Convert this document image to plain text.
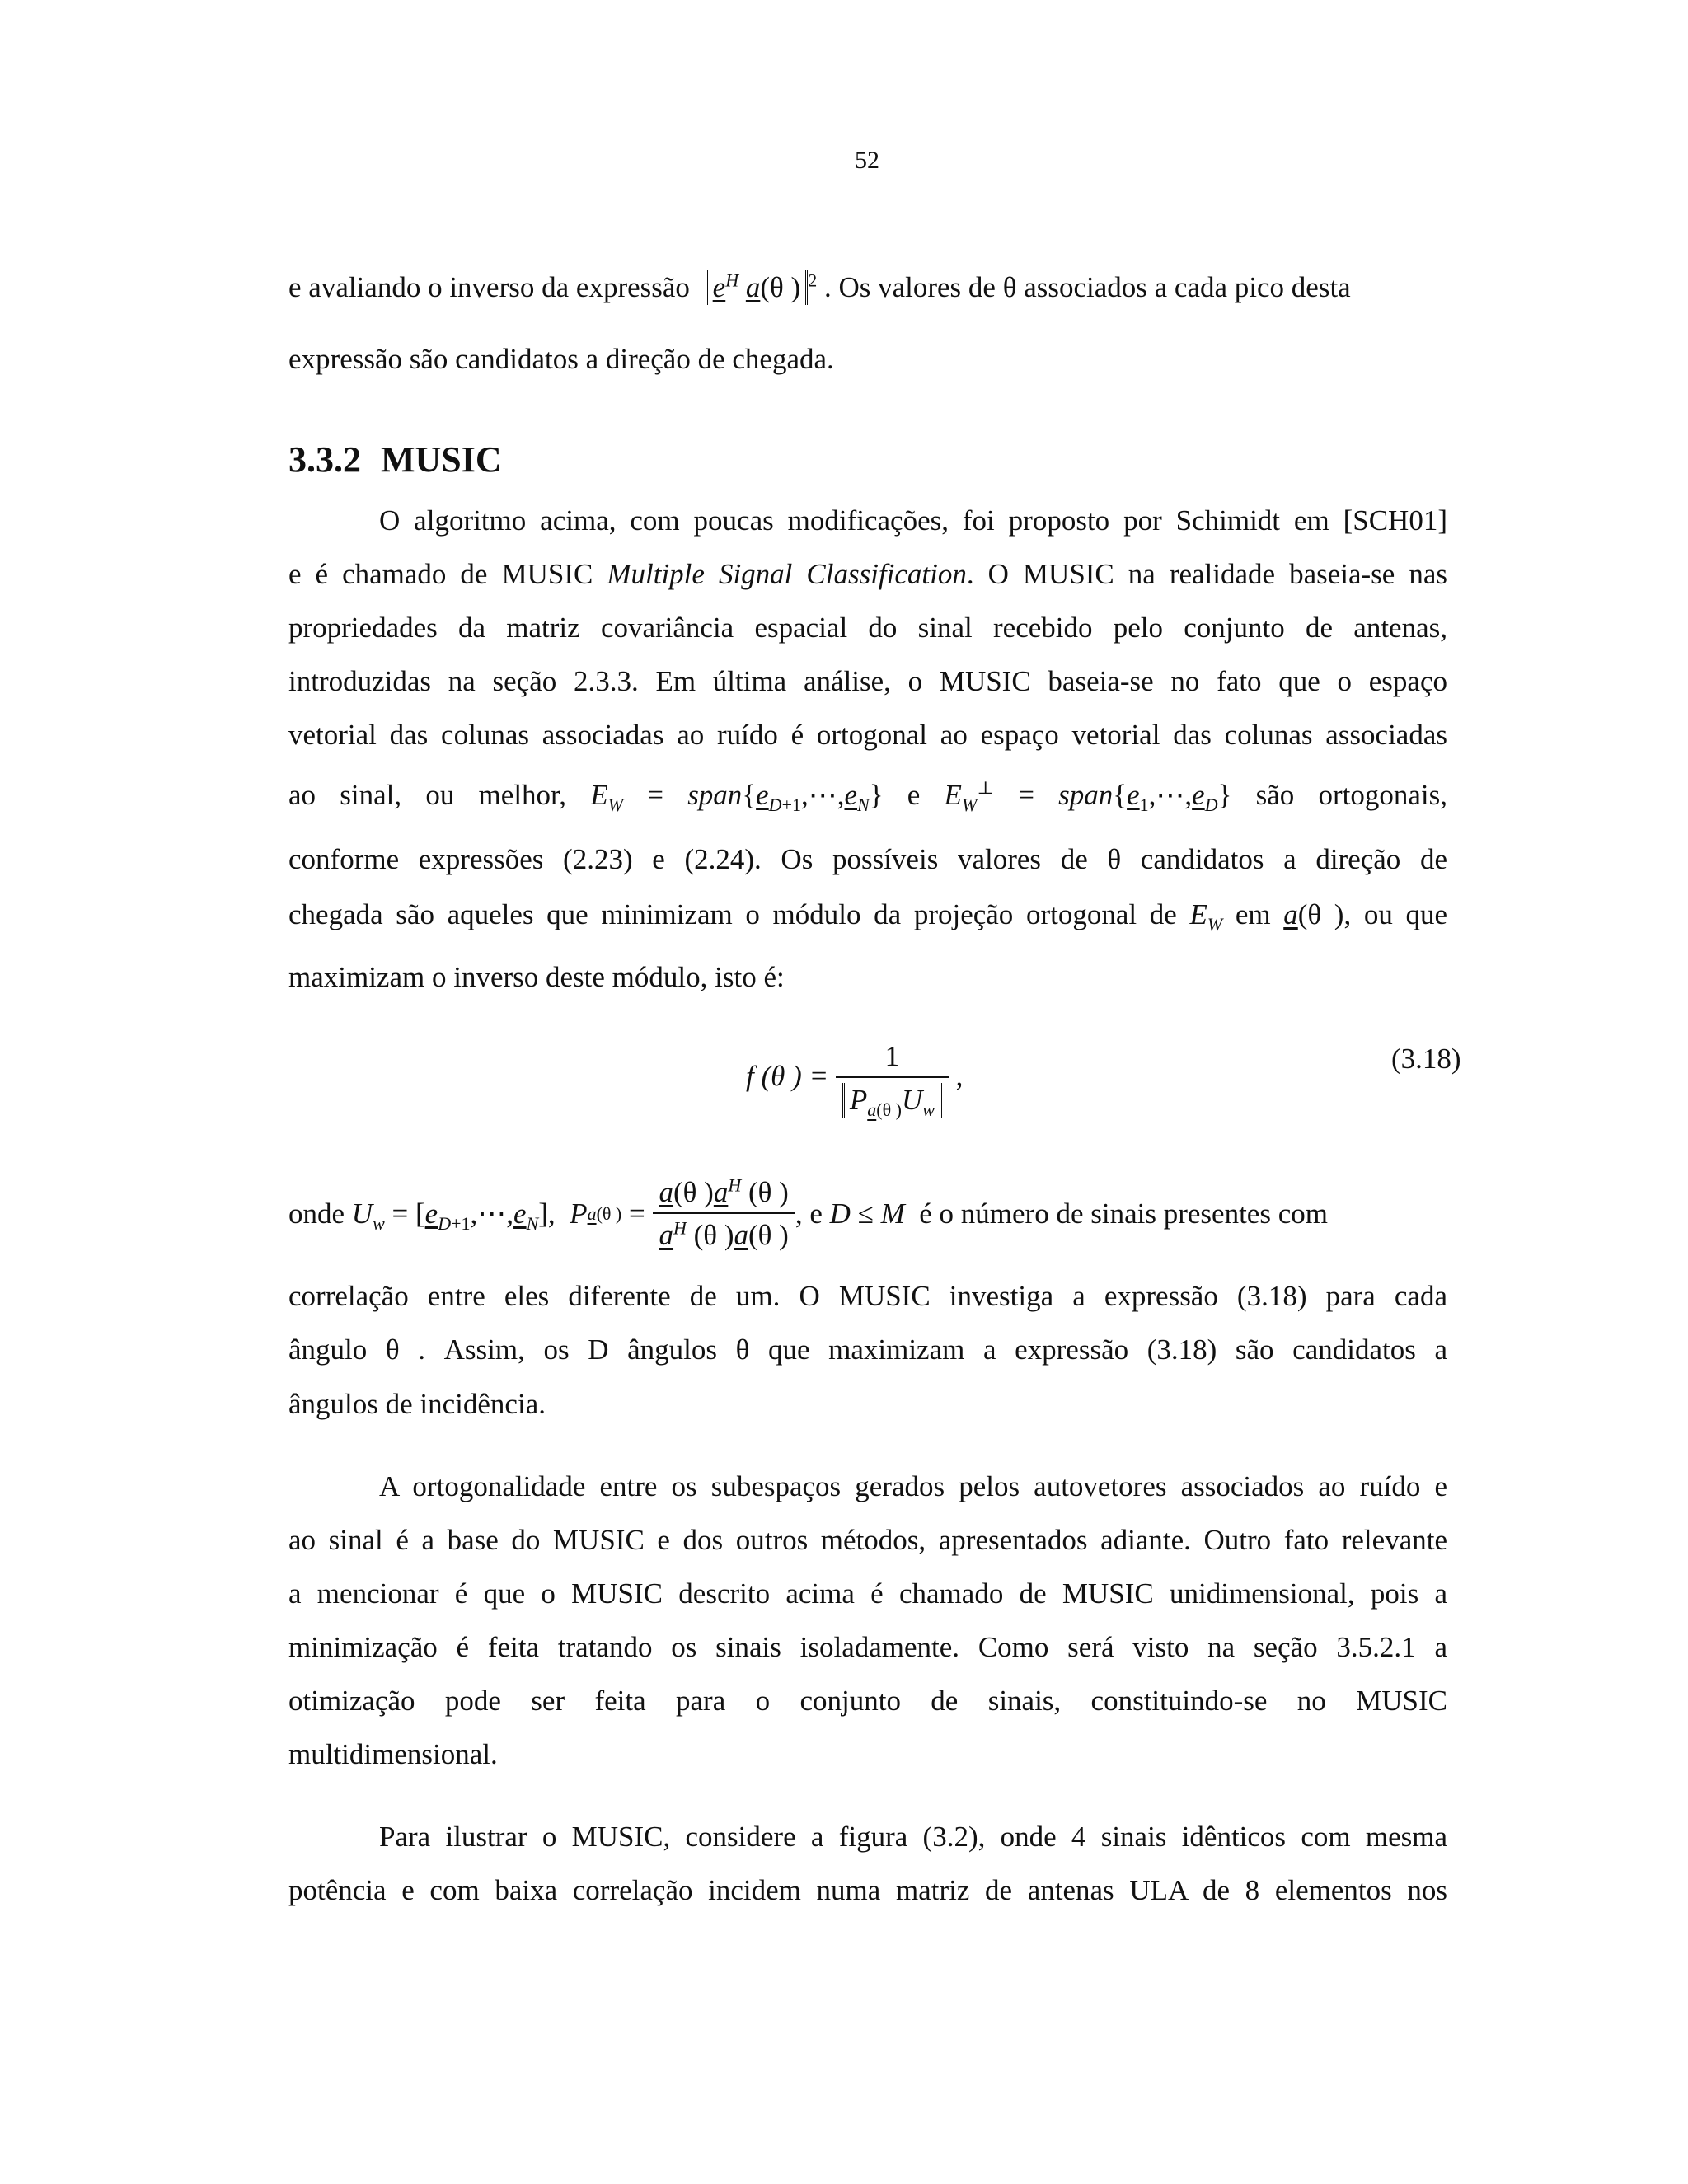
52
e avaliando o inverso da expressão $e^H$ a(θ ) $^2$ . Os valores de θ associados a cada pico desta
expressão são candidatos a direção de chegada.
3.3.2 MUSIC
O algoritmo acima, com poucas modificações, foi proposto por Schimidt em [SCH01]
e é chamado de MUSIC Multiple Signal Classification. O MUSIC na realidade baseia-se nas
propriedades da matriz covariância espacial do sinal recebido pelo conjunto de antenas,
introduzidas na seção 2.3.3. Em última análise, o MUSIC baseia-se no fato que o espaço
vetorial das colunas associadas ao ruído é ortogonal ao espaço vetorial das colunas associadas
ao sinal, ou melhor, $E_W$ = $span\{e_{D+1},\cdots,e_N\}$ e $E_W^\perp$ = $span\{e_1,\cdots,e_D\}$ são ortogonais,
conforme expressões (2.23) e (2.24). Os possíveis valores de θ candidatos a direção de
chegada são aqueles que minimizam o módulo da projeção ortogonal de $E_W$ em a(θ ), ou que
maximizam o inverso deste módulo, isto é:
f (θ ) = $\frac{1}{P_{a(\theta )}U_w}$ ,
(3.18)
onde
$U_w$ = $[e_{D+1},\cdots,e_N]$,
P a(θ ) = $\frac{a(\theta )a^H (\theta )}{a^H (\theta )a(\theta )}$ , e
D ≤ M
é o número de sinais presentes com
correlação entre eles diferente de um. O MUSIC investiga a expressão (3.18) para cada
ângulo θ . Assim, os D ângulos θ que maximizam a expressão (3.18) são candidatos a
ângulos de incidência.
A ortogonalidade entre os subespaços gerados pelos autovetores associados ao ruído e
ao sinal é a base do MUSIC e dos outros métodos, apresentados adiante. Outro fato relevante
a mencionar é que o MUSIC descrito acima é chamado de MUSIC unidimensional, pois a
minimização é feita tratando os sinais isoladamente. Como será visto na seção 3.5.2.1 a
otimização pode ser feita para o conjunto de sinais, constituindo-se no MUSIC
multidimensional.
Para ilustrar o MUSIC, considere a figura (3.2), onde 4 sinais idênticos com mesma
potência e com baixa correlação incidem numa matriz de antenas ULA de 8 elementos nos
